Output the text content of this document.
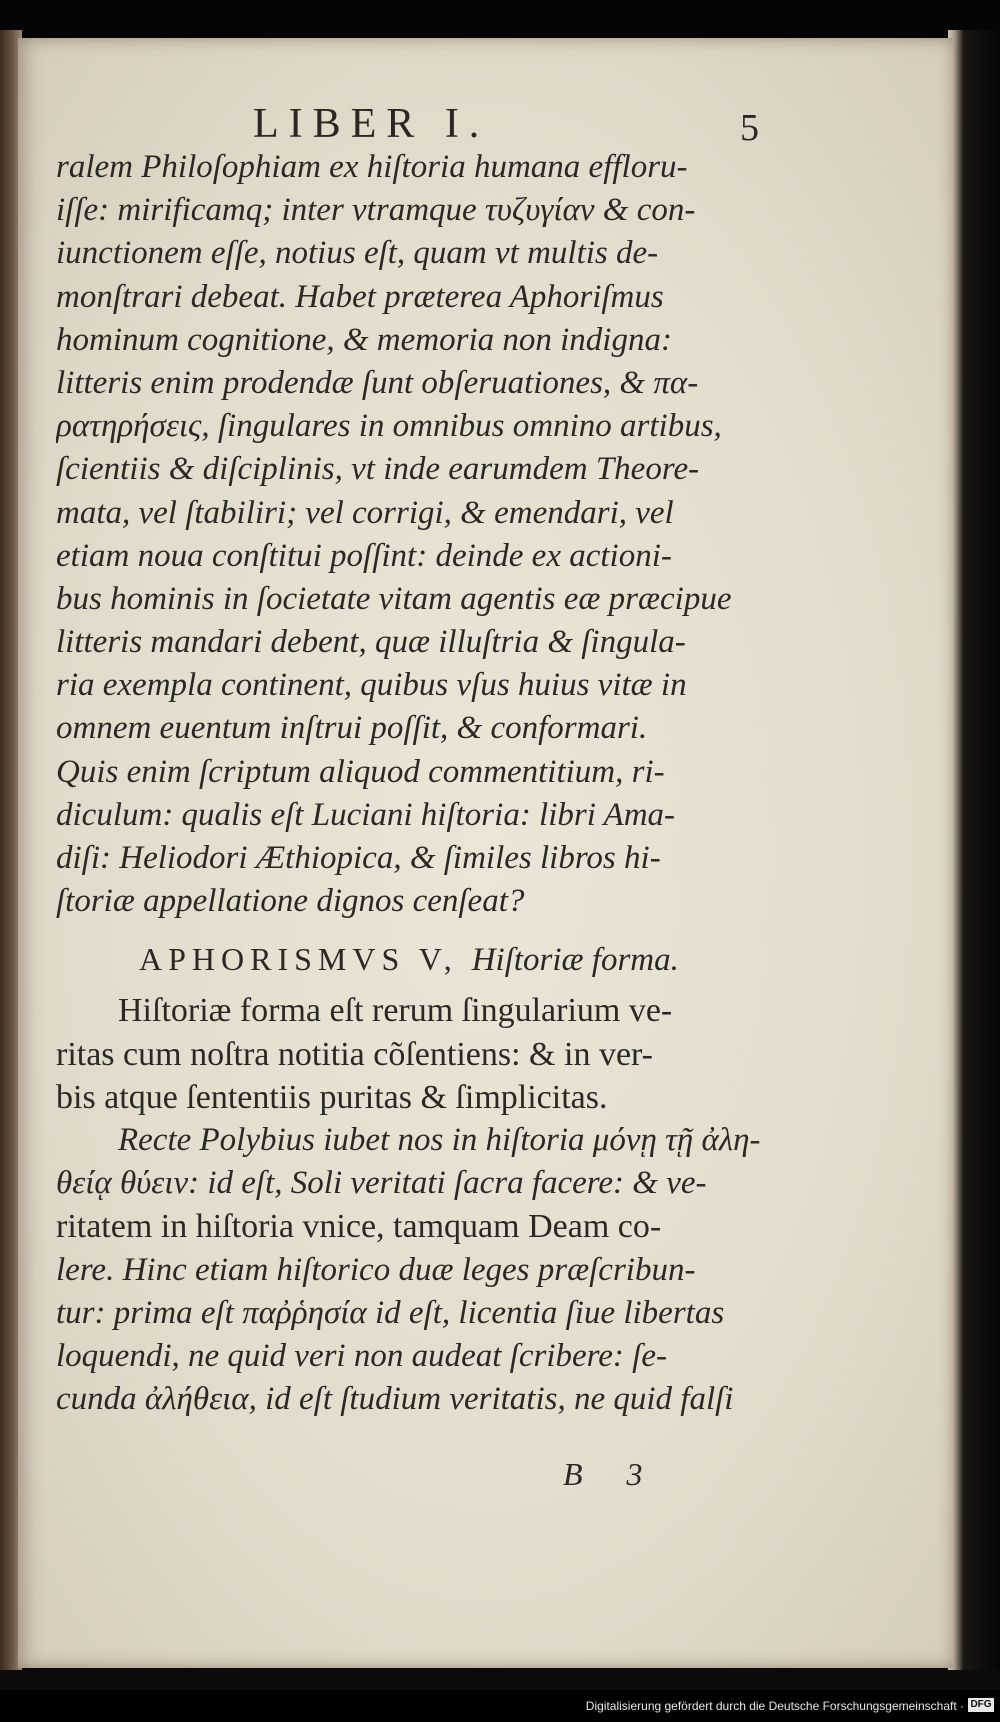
LIBER I.	5
ralem Philoſophiam ex hiſtoria humana effloru-
iſſe: mirificamq; inter vtramque τυζυγίαν & con-
iunctionem eſſe, notius eſt, quam vt multis de-
monſtrari debeat. Habet præterea Aphoriſmus
hominum cognitione, & memoria non indigna:
litteris enim prodendæ ſunt obſeruationes, & πα-
ρατηρήσεις, ſingulares in omnibus omnino artibus,
ſcientiis & diſciplinis, vt inde earumdem Theore-
mata, vel ſtabiliri; vel corrigi, & emendari, vel
etiam noua conſtitui poſſint: deinde ex actioni-
bus hominis in ſocietate vitam agentis eæ præcipue
litteris mandari debent, quæ illuſtria & ſingula-
ria exempla continent, quibus vſus huius vitæ in
omnem euentum inſtrui poſſit, & conformari.
Quis enim ſcriptum aliquod commentitium, ri-
diculum: qualis eſt Luciani hiſtoria: libri Ama-
diſi: Heliodori Æthiopica, & ſimiles libros hi-
ſtoriæ appellatione dignos cenſeat?
APHORISMVS V, Hiſtoriæ forma.
Hiſtoriæ forma eſt rerum ſingularium ve-
ritas cum noſtra notitia cõſentiens: & in ver-
bis atque ſententiis puritas & ſimplicitas.
Recte Polybius iubet nos in hiſtoria μόνῃ τῇ ἀλη-
θείᾳ θύειν: id eſt, Soli veritati ſacra facere: & ve-
ritatem in hiſtoria vnice, tamquam Deam co-
lere. Hinc etiam hiſtorico duæ leges præſcribun-
tur: prima eſt παῤῥησία id eſt, licentia ſiue libertas
loquendi, ne quid veri non audeat ſcribere: ſe-
cunda ἀλήθεια, id eſt ſtudium veritatis, ne quid falſi
B 3
Digitalisierung gefördert durch die Deutsche Forschungsgemeinschaft · DFG
